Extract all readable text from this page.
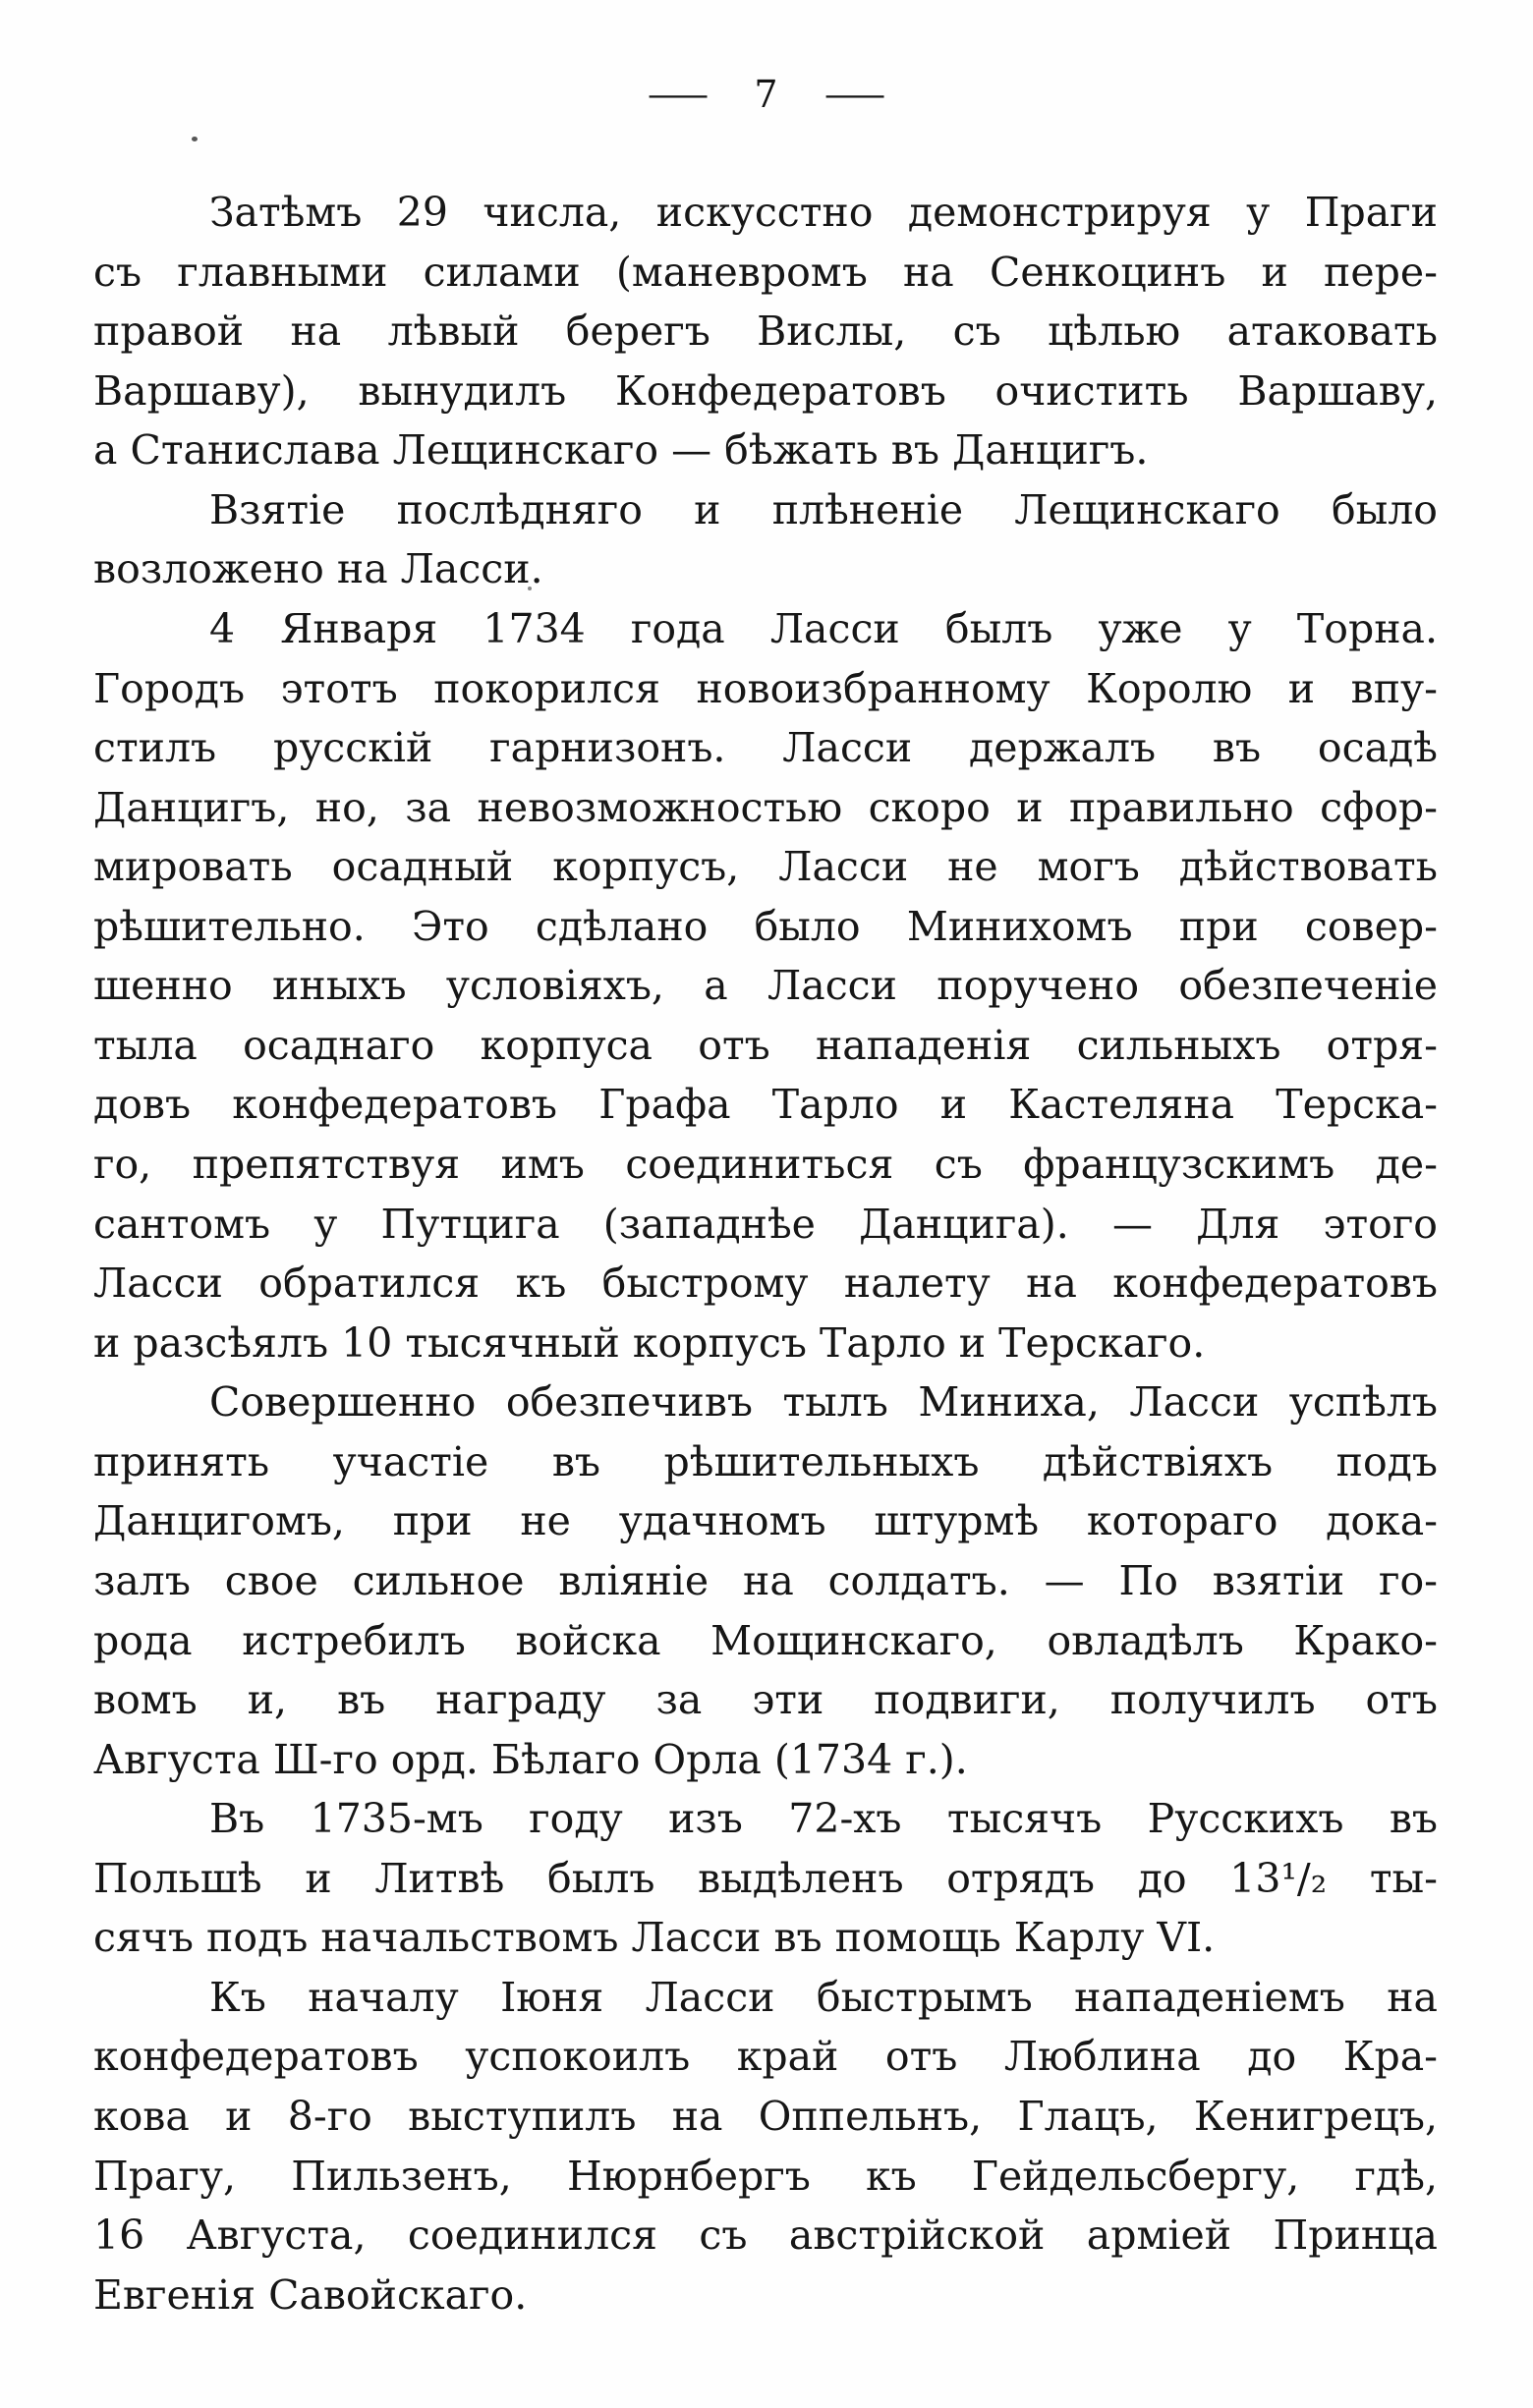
— 7 —
Затѣмъ 29 числа, искусстно демонстрируя у Праги
съ главными силами (маневромъ на Сенкоцинъ и пере-
правой на лѣвый берегъ Вислы, съ цѣлью атаковать
Варшаву), вынудилъ Конфедератовъ очистить Варшаву,
а Станислава Лещинскаго — бѣжать въ Данцигъ.
Взятіе послѣдняго и плѣненіе Лещинскаго было
возложено на Ласси.
4 Января 1734 года Ласси былъ уже у Торна.
Городъ этотъ покорился новоизбранному Королю и впу-
стилъ русскій гарнизонъ. Ласси держалъ въ осадѣ
Данцигъ, но, за невозможностью скоро и правильно сфор-
мировать осадный корпусъ, Ласси не могъ дѣйствовать
рѣшительно. Это сдѣлано было Минихомъ при совер-
шенно иныхъ условіяхъ, а Ласси поручено обезпеченіе
тыла осаднаго корпуса отъ нападенія сильныхъ отря-
довъ конфедератовъ Графа Тарло и Кастеляна Терска-
го, препятствуя имъ соединиться съ французскимъ де-
сантомъ у Путцига (западнѣе Данцига). — Для этого
Ласси обратился къ быстрому налету на конфедератовъ
и разсѣялъ 10 тысячный корпусъ Тарло и Терскаго.
Совершенно обезпечивъ тылъ Миниха, Ласси успѣлъ
принять участіе въ рѣшительныхъ дѣйствіяхъ подъ
Данцигомъ, при не удачномъ штурмѣ котораго дока-
залъ свое сильное вліяніе на солдатъ. — По взятіи го-
рода истребилъ войска Мощинскаго, овладѣлъ Крако-
вомъ и, въ награду за эти подвиги, получилъ отъ
Августа Ш-го орд. Бѣлаго Орла (1734 г.).
Въ 1735-мъ году изъ 72-хъ тысячъ Русскихъ въ
Польшѣ и Литвѣ былъ выдѣленъ отрядъ до 13¹/₂ ты-
сячъ подъ начальствомъ Ласси въ помощь Карлу VI.
Къ началу Іюня Ласси быстрымъ нападеніемъ на
конфедератовъ успокоилъ край отъ Люблина до Кра-
кова и 8-го выступилъ на Оппельнъ, Глацъ, Кенигрецъ,
Прагу, Пильзенъ, Нюрнбергъ къ Гейдельсбергу, гдѣ,
16 Августа, соединился съ австрійской арміей Принца
Евгенія Савойскаго.
